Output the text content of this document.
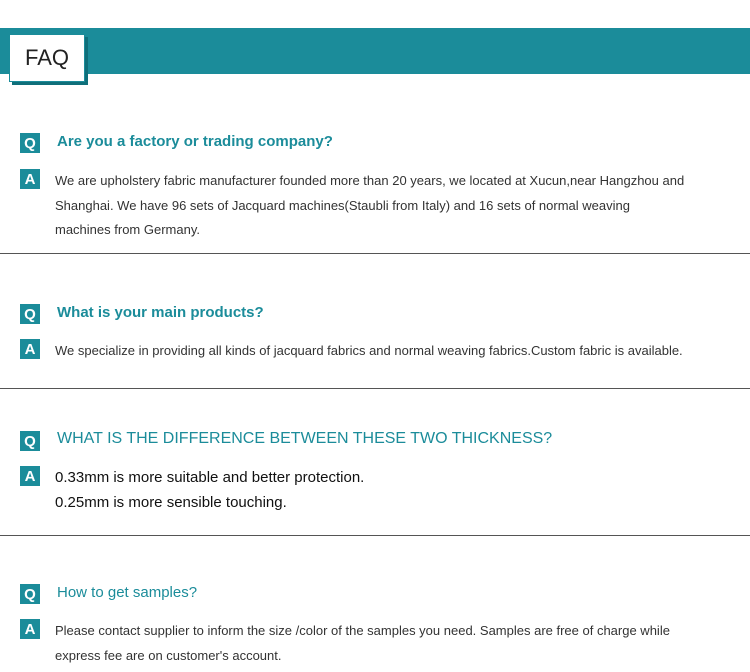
FAQ
Q Are you a factory or trading company?
A	We are upholstery fabric manufacturer founded more than 20 years, we located at Xucun,near Hangzhou and
Shanghai. We have 96 sets of Jacquard machines(Staubli from Italy) and 16 sets of normal weaving
machines from Germany.
Q What is your main products?
A	We specialize in providing all kinds of jacquard fabrics and normal weaving fabrics.Custom fabric is available.
Q WHAT IS THE DIFFERENCE BETWEEN THESE TWO THICKNESS?
A	0.33mm is more suitable and better protection.
0.25mm is more sensible touching.
Q How to get samples?
A	Please contact supplier to inform the size /color of the samples you need. Samples are free of charge while
express fee are on customer's account.
